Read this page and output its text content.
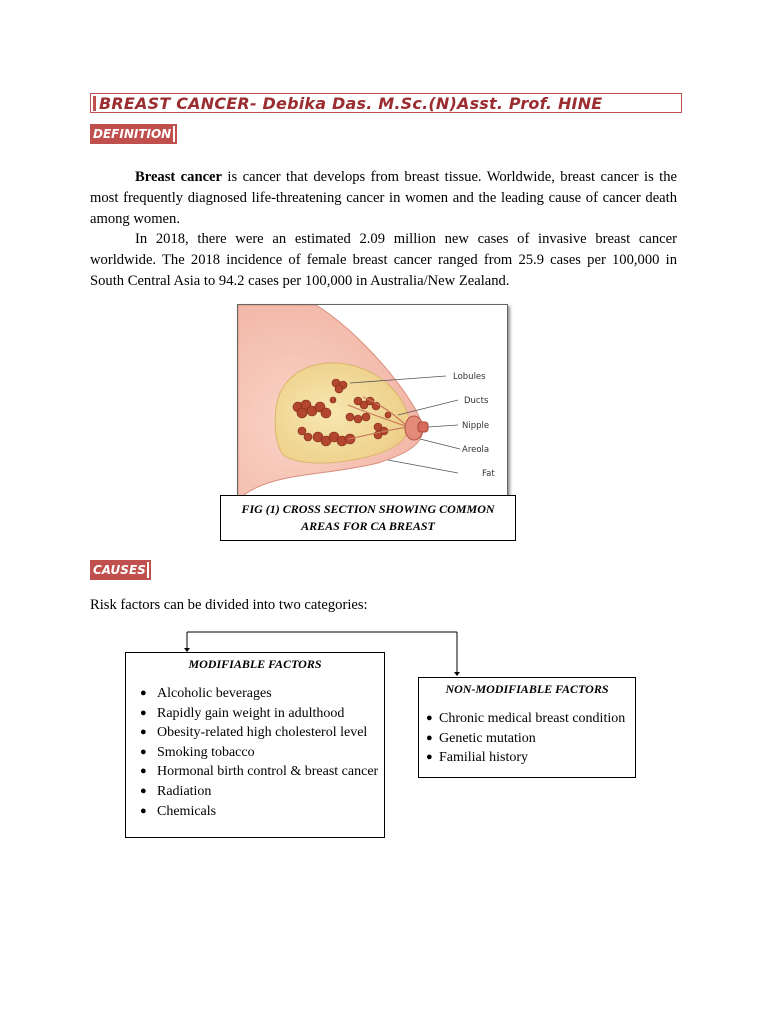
BREAST CANCER- Debika Das. M.Sc.(N)Asst. Prof. HINE
DEFINITION

Breast cancer is cancer that develops from breast tissue. Worldwide, breast cancer is the most frequently diagnosed life-threatening cancer in women and the leading cause of cancer death among women.

In 2018, there were an estimated 2.09 million new cases of invasive breast cancer worldwide. The 2018 incidence of female breast cancer ranged from 25.9 cases per 100,000 in South Central Asia to 94.2 cases per 100,000 in Australia/New Zealand.

Lobules
Ducts
Nipple
Areola
Fat
FIG (1) CROSS SECTION SHOWING COMMON AREAS FOR CA BREAST
CAUSES
Risk factors can be divided into two categories:
MODIFIABLE FACTORS
● Alcoholic beverages
● Rapidly gain weight in adulthood
● Obesity-related high cholesterol level
● Smoking tobacco
● Hormonal birth control & breast cancer
● Radiation
● Chemicals
NON-MODIFIABLE FACTORS
● Chronic medical breast condition
● Genetic mutation
● Familial history
